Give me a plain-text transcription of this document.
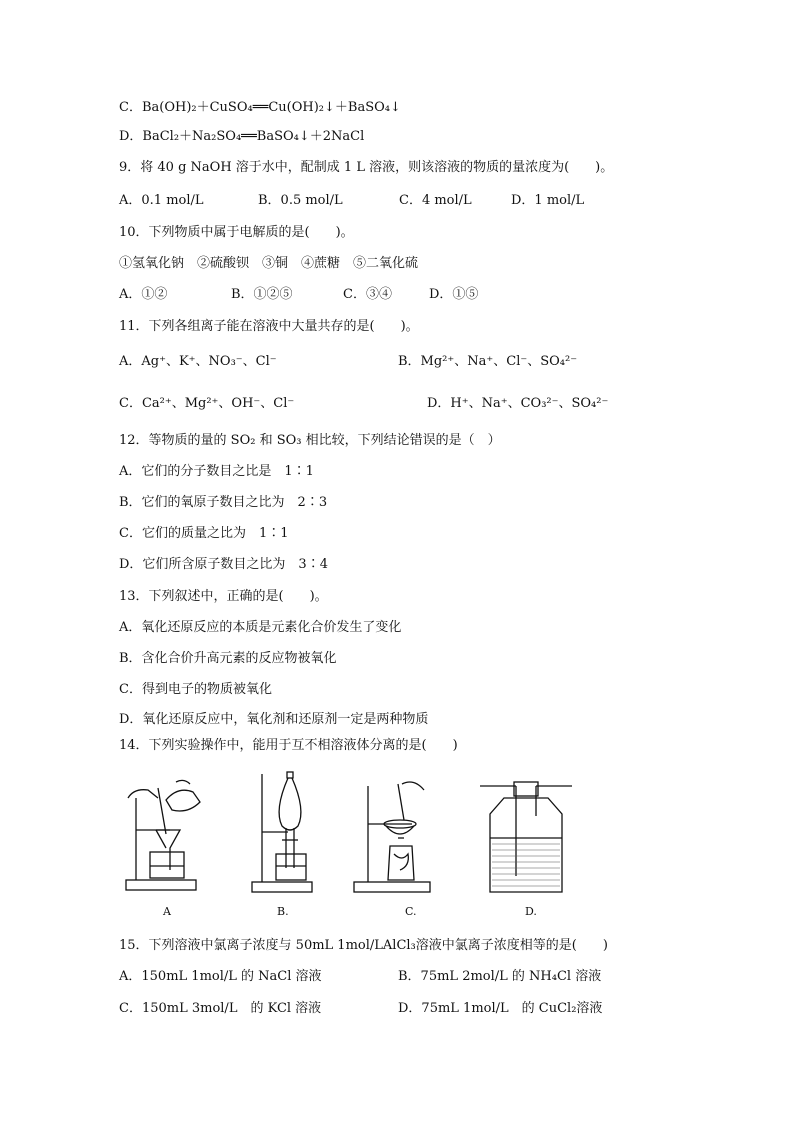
C．Ba(OH)₂＋CuSO₄══Cu(OH)₂↓＋BaSO₄↓
D．BaCl₂＋Na₂SO₄══BaSO₄↓＋2NaCl
9．将 40 g NaOH 溶于水中，配制成 1 L 溶液，则该溶液的物质的量浓度为(　　)。
A．0.1 mol/L	B．0.5 mol/L	C．4 mol/L	D．1 mol/L
10．下列物质中属于电解质的是(　　)。
①氢氧化钠　②硫酸钡　③铜　④蔗糖　⑤二氧化硫
A．①②	B．①②⑤	C．③④	D．①⑤
11．下列各组离子能在溶液中大量共存的是(　　)。
A．Ag⁺、K⁺、NO₃⁻、Cl⁻	B．Mg²⁺、Na⁺、Cl⁻、SO₄²⁻
C．Ca²⁺、Mg²⁺、OH⁻、Cl⁻	D．H⁺、Na⁺、CO₃²⁻、SO₄²⁻
12．等物质的量的 SO₂ 和 SO₃ 相比较，下列结论错误的是（　）
A．它们的分子数目之比是　1∶1
B．它们的氧原子数目之比为　2∶3
C．它们的质量之比为　1∶1
D．它们所含原子数目之比为　3∶4
13．下列叙述中，正确的是(　　)。
A．氧化还原反应的本质是元素化合价发生了变化
B．含化合价升高元素的反应物被氧化
C．得到电子的物质被氧化
D．氧化还原反应中，氧化剂和还原剂一定是两种物质
14．下列实验操作中，能用于互不相溶液体分离的是(　　)
A	B.	C.	D.
15．下列溶液中氯离子浓度与 50mL 1mol/LAlCl₃溶液中氯离子浓度相等的是(　　)
A．150mL 1mol/L 的 NaCl 溶液	B．75mL 2mol/L 的 NH₄Cl 溶液
C．150mL 3mol/L　的 KCl 溶液	D．75mL 1mol/L　的 CuCl₂溶液
